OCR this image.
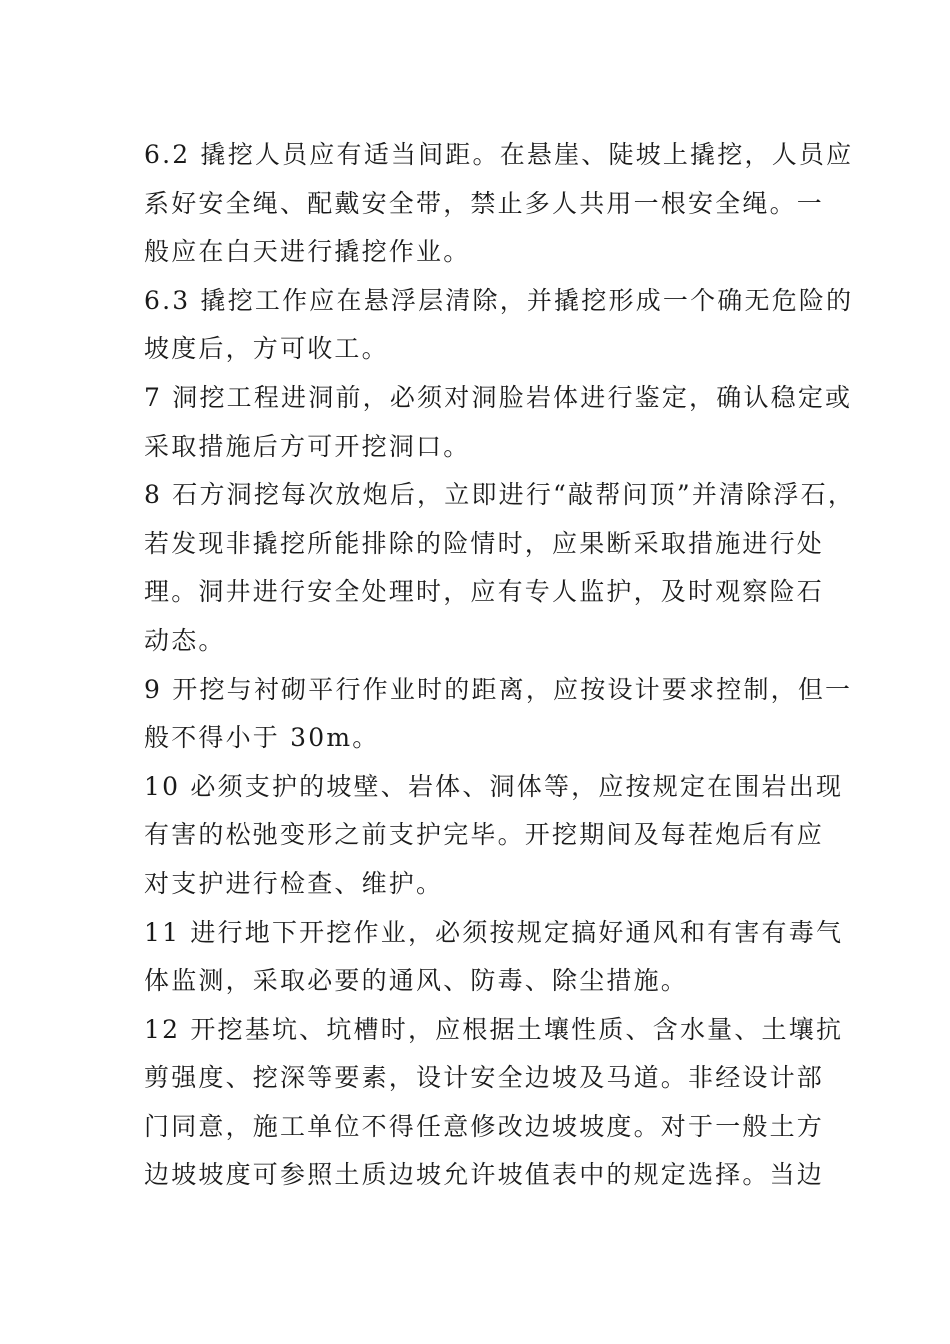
6.2 撬挖人员应有适当间距。在悬崖、陡坡上撬挖，人员应
系好安全绳、配戴安全带，禁止多人共用一根安全绳。一
般应在白天进行撬挖作业。
6.3 撬挖工作应在悬浮层清除，并撬挖形成一个确无危险的
坡度后，方可收工。
7 洞挖工程进洞前，必须对洞脸岩体进行鉴定，确认稳定或
采取措施后方可开挖洞口。
8 石方洞挖每次放炮后，立即进行“敲帮问顶”并清除浮石，
若发现非撬挖所能排除的险情时，应果断采取措施进行处
理。洞井进行安全处理时，应有专人监护，及时观察险石
动态。
9 开挖与衬砌平行作业时的距离，应按设计要求控制，但一
般不得小于 30m。
10 必须支护的坡壁、岩体、洞体等，应按规定在围岩出现
有害的松弛变形之前支护完毕。开挖期间及每茬炮后有应
对支护进行检查、维护。
11 进行地下开挖作业，必须按规定搞好通风和有害有毒气
体监测，采取必要的通风、防毒、除尘措施。
12 开挖基坑、坑槽时，应根据土壤性质、含水量、土壤抗
剪强度、挖深等要素，设计安全边坡及马道。非经设计部
门同意，施工单位不得任意修改边坡坡度。对于一般土方
边坡坡度可参照土质边坡允许坡值表中的规定选择。当边
